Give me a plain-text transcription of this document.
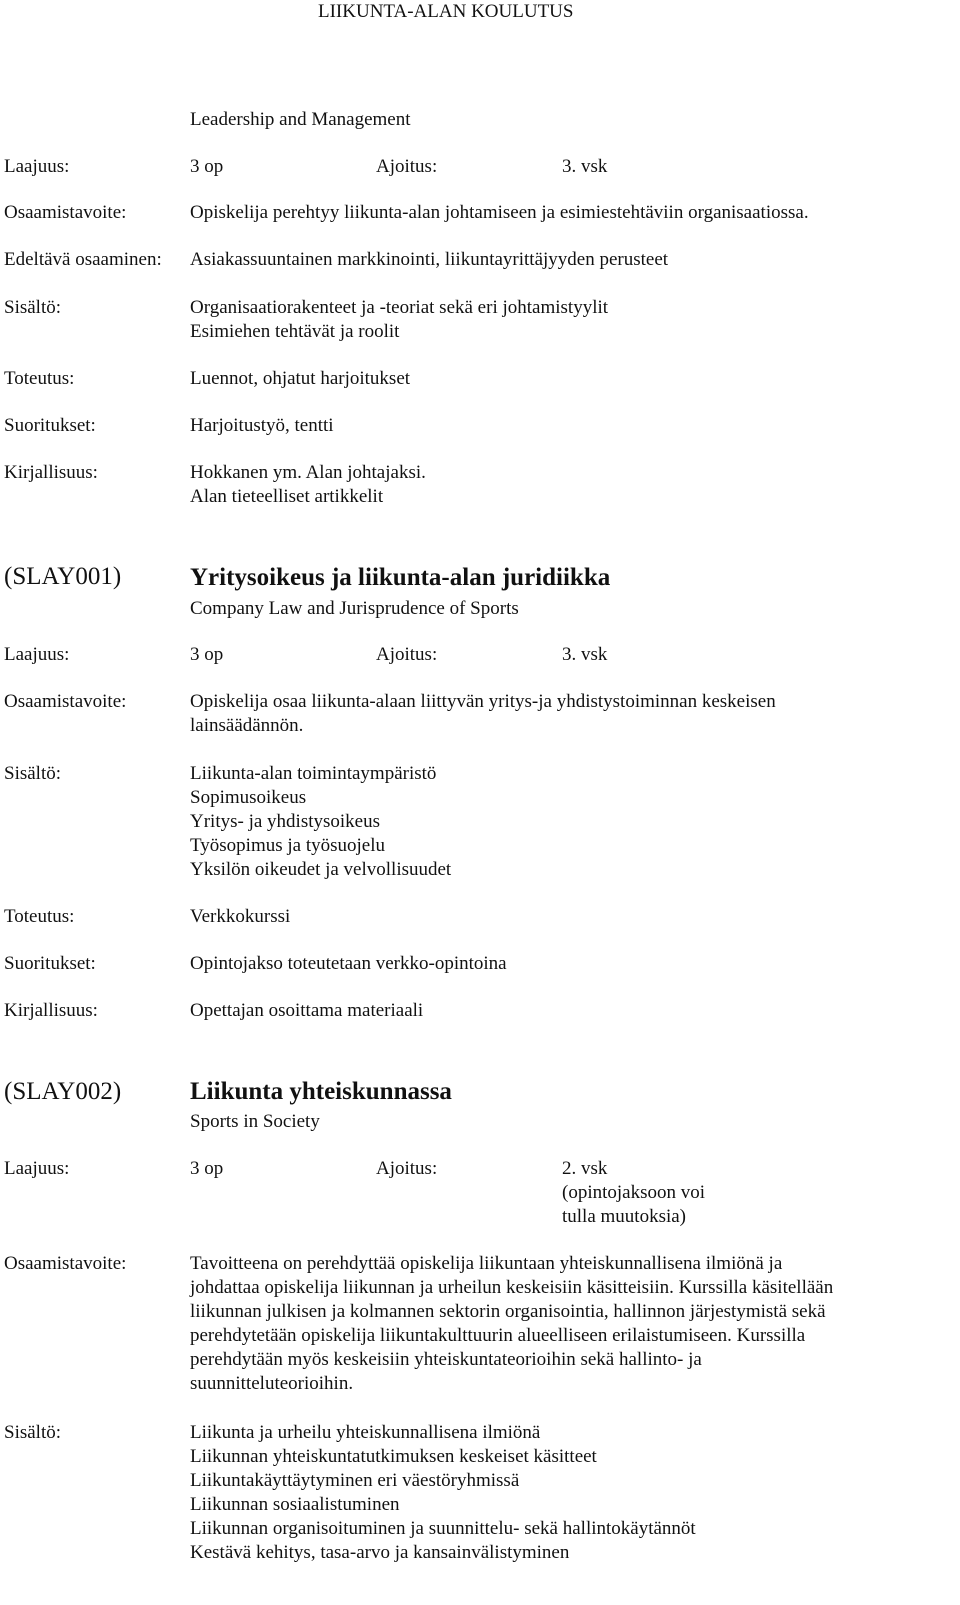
LIIKUNTA-ALAN KOULUTUS
Leadership and Management
Laajuus:	3 op	Ajoitus:	3. vsk
Osaamistavoite:	Opiskelija perehtyy liikunta-alan johtamiseen ja esimiestehtäviin organisaatiossa.
Edeltävä osaaminen: Asiakassuuntainen markkinointi, liikuntayrittäjyyden perusteet
Sisältö:	Organisaatiorakenteet ja -teoriat sekä eri johtamistyylit
Esimiehen tehtävät ja roolit
Toteutus:	Luennot, ohjatut harjoitukset
Suoritukset:	Harjoitustyö, tentti
Kirjallisuus:	Hokkanen ym. Alan johtajaksi.
Alan tieteelliset artikkelit
(SLAY001)	Yritysoikeus ja liikunta-alan juridiikka
Company Law and Jurisprudence of Sports
Laajuus:	3 op	Ajoitus:	3. vsk
Osaamistavoite:	Opiskelija osaa liikunta-alaan liittyvän yritys-ja yhdistystoiminnan keskeisen
lainsäädännön.
Sisältö:	Liikunta-alan toimintaympäristö
Sopimusoikeus
Yritys- ja yhdistysoikeus
Työsopimus ja työsuojelu
Yksilön oikeudet ja velvollisuudet
Toteutus:	Verkkokurssi
Suoritukset:	Opintojakso toteutetaan verkko-opintoina
Kirjallisuus:	Opettajan osoittama materiaali
(SLAY002)	Liikunta yhteiskunnassa
Sports in Society
Laajuus:	3 op	Ajoitus:	2. vsk
(opintojaksoon voi
tulla muutoksia)
Osaamistavoite:	Tavoitteena on perehdyttää opiskelija liikuntaan yhteiskunnallisena ilmiönä ja
johdattaa opiskelija liikunnan ja urheilun keskeisiin käsitteisiin. Kurssilla käsitellään
liikunnan julkisen ja kolmannen sektorin organisointia, hallinnon järjestymistä sekä
perehdytetään opiskelija liikuntakulttuurin alueelliseen erilaistumiseen. Kurssilla
perehdytään myös keskeisiin yhteiskuntateorioihin sekä hallinto- ja
suunnitteluteorioihin.
Sisältö:	Liikunta ja urheilu yhteiskunnallisena ilmiönä
Liikunnan yhteiskuntatutkimuksen keskeiset käsitteet
Liikuntakäyttäytyminen eri väestöryhmissä
Liikunnan sosiaalistuminen
Liikunnan organisoituminen ja suunnittelu- sekä hallintokäytännöt
Kestävä kehitys, tasa-arvo ja kansainvälistyminen
